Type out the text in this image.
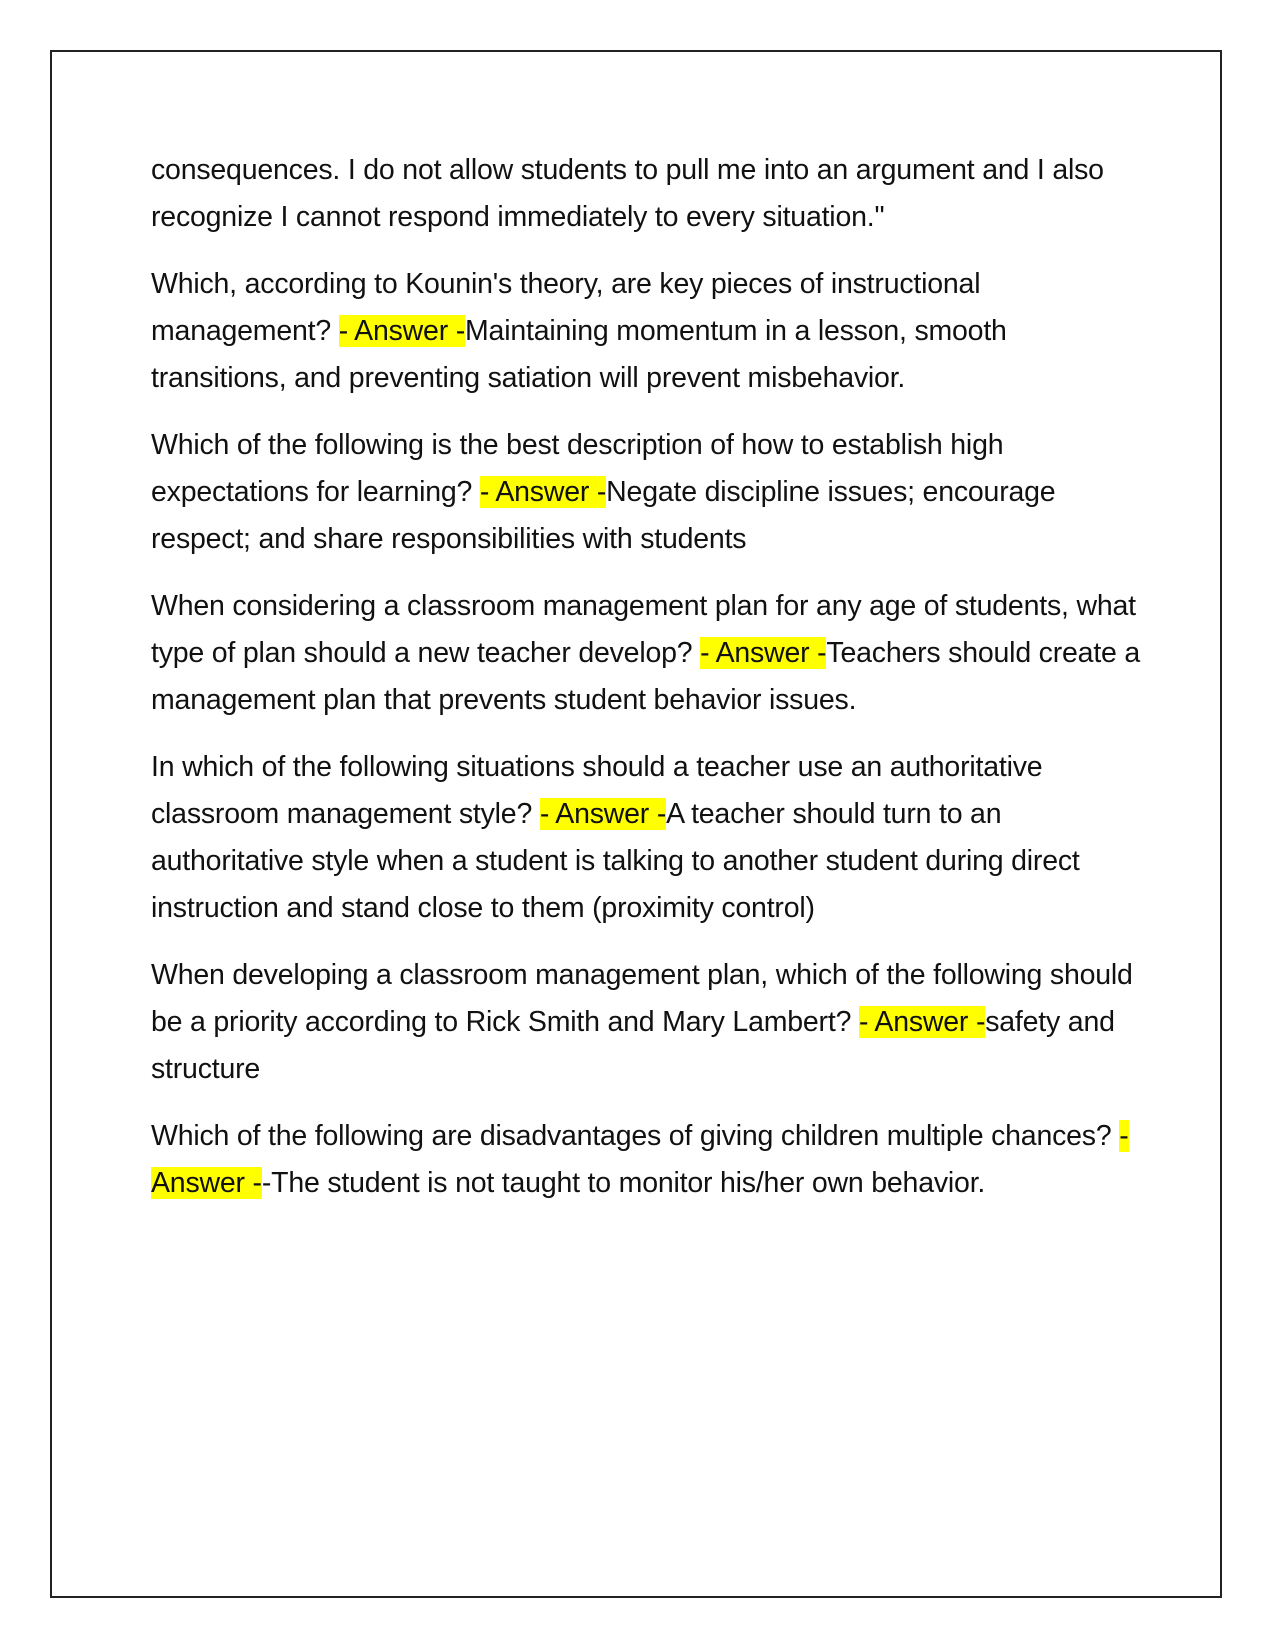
consequences. I do not allow students to pull me into an argument and I also recognize I cannot respond immediately to every situation."

Which, according to Kounin's theory, are key pieces of instructional management? - Answer -Maintaining momentum in a lesson, smooth transitions, and preventing satiation will prevent misbehavior.

Which of the following is the best description of how to establish high expectations for learning? - Answer -Negate discipline issues; encourage respect; and share responsibilities with students

When considering a classroom management plan for any age of students, what type of plan should a new teacher develop? - Answer -Teachers should create a management plan that prevents student behavior issues.

In which of the following situations should a teacher use an authoritative classroom management style? - Answer -A teacher should turn to an authoritative style when a student is talking to another student during direct instruction and stand close to them (proximity control)

When developing a classroom management plan, which of the following should be a priority according to Rick Smith and Mary Lambert? - Answer -safety and structure

Which of the following are disadvantages of giving children multiple chances? - Answer --The student is not taught to monitor his/her own behavior.
